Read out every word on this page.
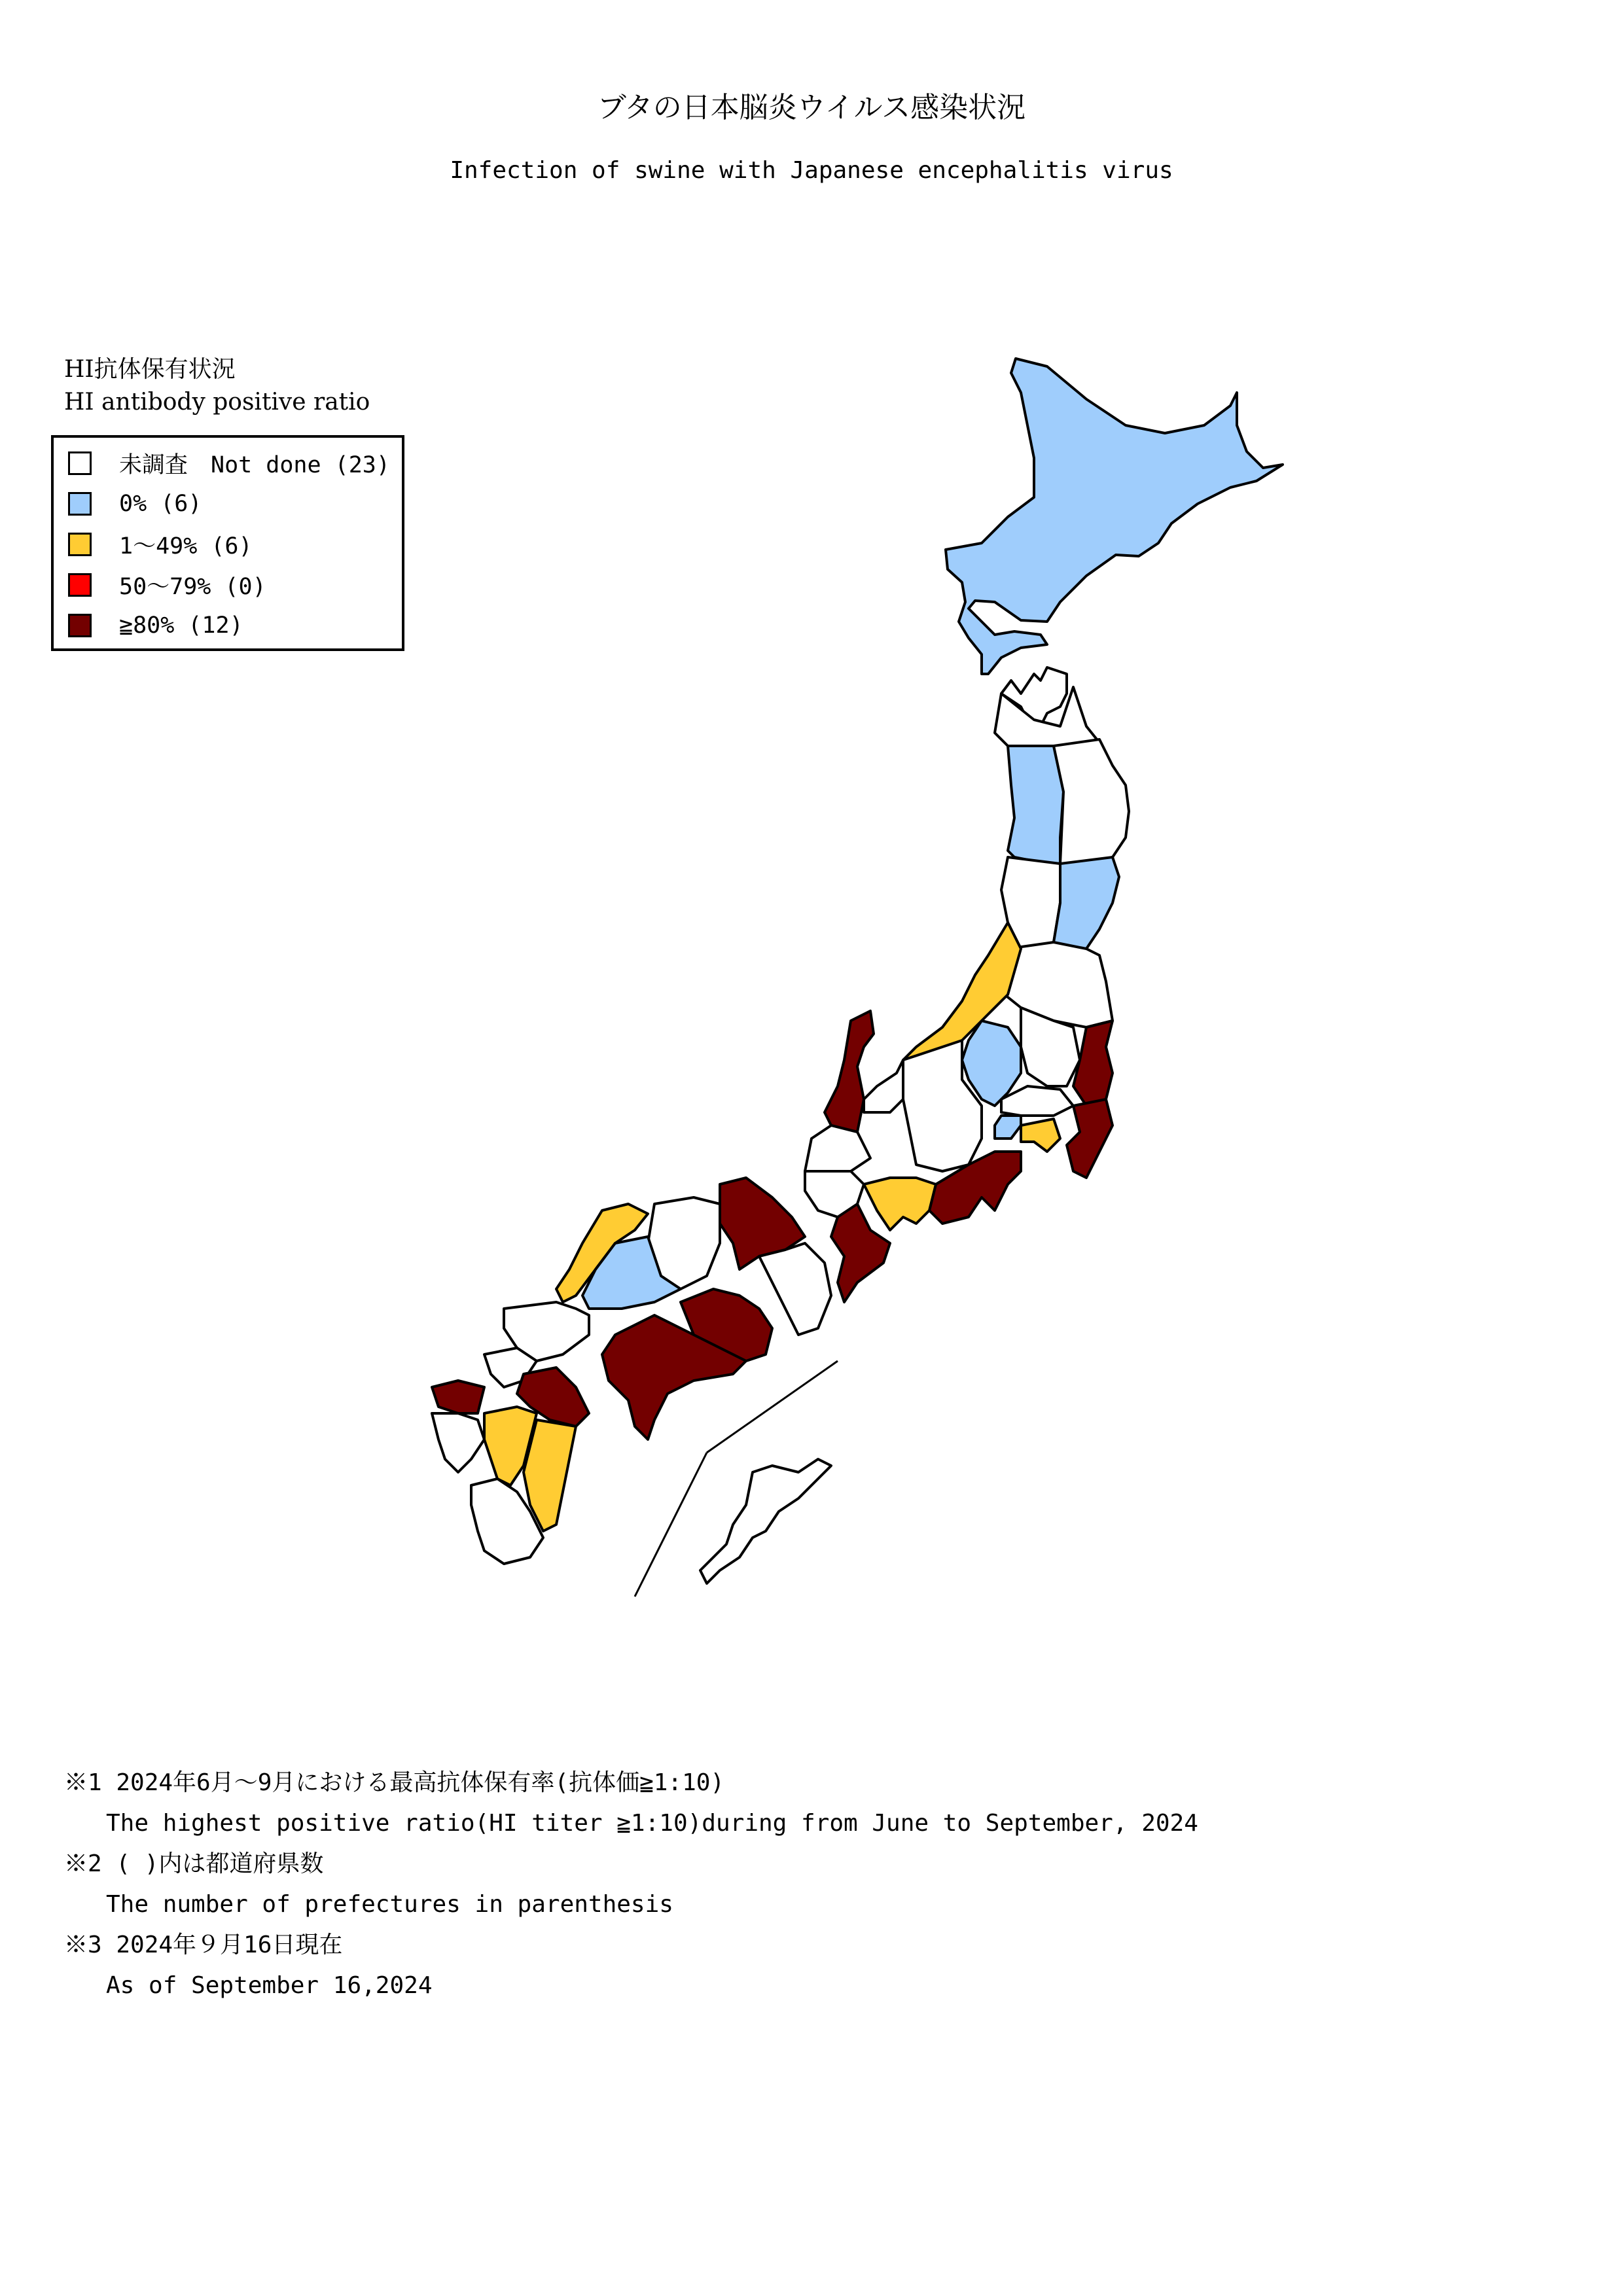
ブタの日本脳炎ウイルス感染状況
Infection of swine with Japanese encephalitis virus
HI抗体保有状況
HI antibody positive ratio
未調査　Not done (23)
0% (6)
1～49% (6)
50～79% (0)
≧80% (12)
※1 2024年6月～9月における最高抗体保有率(抗体価≧1:10)
The highest positive ratio(HI titer ≧1:10)during from June to September, 2024
※2 ( )内は都道府県数
The number of prefectures in parenthesis
※3 2024年９月16日現在
As of September 16,2024
